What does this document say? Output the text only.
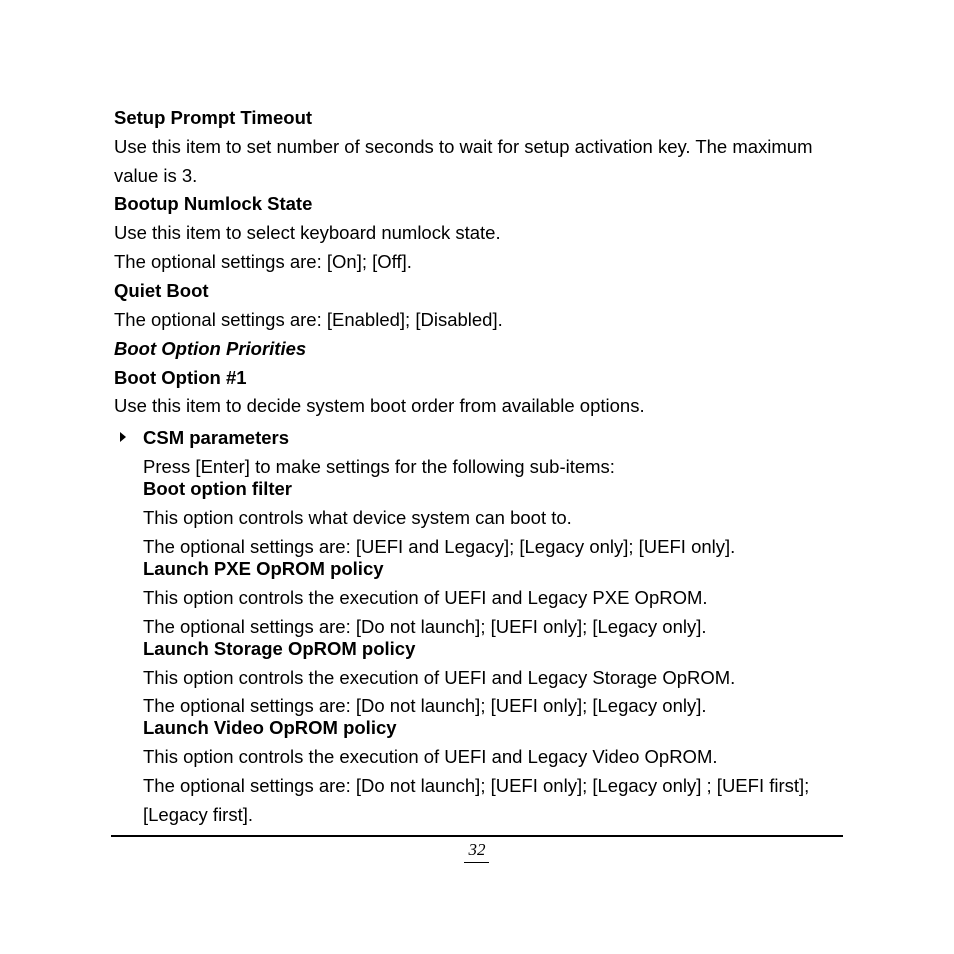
Setup Prompt Timeout

Use this item to set number of seconds to wait for setup activation key. The maximum

value is 3.

Bootup Numlock State

Use this item to select keyboard numlock state.

The optional settings are: [On]; [Off].

Quiet Boot

The optional settings are: [Enabled]; [Disabled].

Boot Option Priorities

Boot Option #1

Use this item to decide system boot order from available options.

CSM parameters

Press [Enter] to make settings for the following sub-items:

Boot option filter

This option controls what device system can boot to.

The optional settings are: [UEFI and Legacy]; [Legacy only]; [UEFI only].

Launch PXE OpROM policy

This option controls the execution of UEFI and Legacy PXE OpROM.

The optional settings are: [Do not launch]; [UEFI only]; [Legacy only].

Launch Storage OpROM policy

This option controls the execution of UEFI and Legacy Storage OpROM.

The optional settings are: [Do not launch]; [UEFI only]; [Legacy only].

Launch Video OpROM policy

This option controls the execution of UEFI and Legacy Video OpROM.

The optional settings are: [Do not launch]; [UEFI only]; [Legacy only] ; [UEFI first];

[Legacy first].

32
